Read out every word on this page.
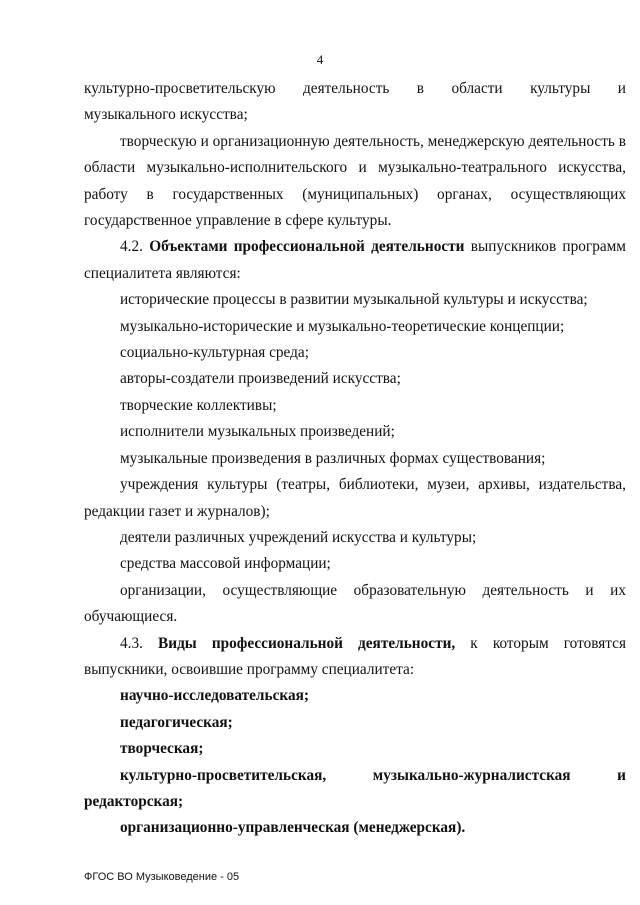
4

культурно-просветительскую деятельность в области культуры и

музыкального искусства;

творческую и организационную деятельность, менеджерскую деятельность в

области музыкально-исполнительского и музыкально-театрального искусства,

работу в государственных (муниципальных) органах, осуществляющих

государственное управление в сфере культуры.

4.2. Объектами профессиональной деятельности выпускников программ

специалитета являются:

исторические процессы в развитии музыкальной культуры и искусства;

музыкально-исторические и музыкально-теоретические концепции;

социально-культурная среда;

авторы-создатели произведений искусства;

творческие коллективы;

исполнители музыкальных произведений;

музыкальные произведения в различных формах существования;

учреждения культуры (театры, библиотеки, музеи, архивы, издательства,

редакции газет и журналов);

деятели различных учреждений искусства и культуры;

средства массовой информации;

организации, осуществляющие образовательную деятельность и их

обучающиеся.

4.3. Виды профессиональной деятельности, к которым готовятся

выпускники, освоившие программу специалитета:

научно-исследовательская;

педагогическая;

творческая;

культурно-просветительская, музыкально-журналистская и

редакторская;

организационно-управленческая (менеджерская).

ФГОС ВО Музыковедение - 05
